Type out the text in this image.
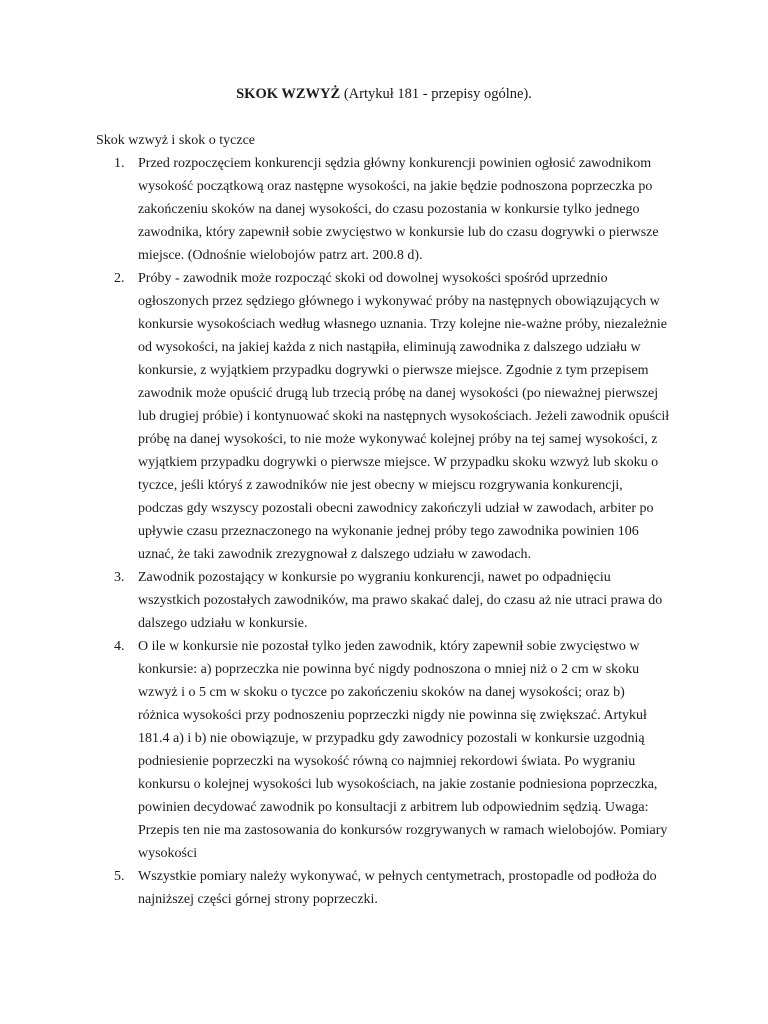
SKOK WZWYŻ (Artykuł 181 - przepisy ogólne).
Skok wzwyż i skok o tyczce
1. Przed rozpoczęciem konkurencji sędzia główny konkurencji powinien ogłosić zawodnikom
wysokość początkową oraz następne wysokości, na jakie będzie podnoszona poprzeczka po
zakończeniu skoków na danej wysokości, do czasu pozostania w konkursie tylko jednego
zawodnika, który zapewnił sobie zwycięstwo w konkursie lub do czasu dogrywki o pierwsze
miejsce. (Odnośnie wielobojów patrz art. 200.8 d).
2. Próby - zawodnik może rozpocząć skoki od dowolnej wysokości spośród uprzednio
ogłoszonych przez sędziego głównego i wykonywać próby na następnych obowiązujących w
konkursie wysokościach według własnego uznania. Trzy kolejne nie-ważne próby, niezależnie
od wysokości, na jakiej każda z nich nastąpiła, eliminują zawodnika z dalszego udziału w
konkursie, z wyjątkiem przypadku dogrywki o pierwsze miejsce. Zgodnie z tym przepisem
zawodnik może opuścić drugą lub trzecią próbę na danej wysokości (po nieważnej pierwszej
lub drugiej próbie) i kontynuować skoki na następnych wysokościach. Jeżeli zawodnik opuścił
próbę na danej wysokości, to nie może wykonywać kolejnej próby na tej samej wysokości, z
wyjątkiem przypadku dogrywki o pierwsze miejsce. W przypadku skoku wzwyż lub skoku o
tyczce, jeśli któryś z zawodników nie jest obecny w miejscu rozgrywania konkurencji,
podczas gdy wszyscy pozostali obecni zawodnicy zakończyli udział w zawodach, arbiter po
upływie czasu przeznaczonego na wykonanie jednej próby tego zawodnika powinien 106
uznać, że taki zawodnik zrezygnował z dalszego udziału w zawodach.
3. Zawodnik pozostający w konkursie po wygraniu konkurencji, nawet po odpadnięciu
wszystkich pozostałych zawodników, ma prawo skakać dalej, do czasu aż nie utraci prawa do
dalszego udziału w konkursie.
4. O ile w konkursie nie pozostał tylko jeden zawodnik, który zapewnił sobie zwycięstwo w
konkursie: a) poprzeczka nie powinna być nigdy podnoszona o mniej niż o 2 cm w skoku
wzwyż i o 5 cm w skoku o tyczce po zakończeniu skoków na danej wysokości; oraz b)
różnica wysokości przy podnoszeniu poprzeczki nigdy nie powinna się zwiększać. Artykuł
181.4 a) i b) nie obowiązuje, w przypadku gdy zawodnicy pozostali w konkursie uzgodnią
podniesienie poprzeczki na wysokość równą co najmniej rekordowi świata. Po wygraniu
konkursu o kolejnej wysokości lub wysokościach, na jakie zostanie podniesiona poprzeczka,
powinien decydować zawodnik po konsultacji z arbitrem lub odpowiednim sędzią. Uwaga:
Przepis ten nie ma zastosowania do konkursów rozgrywanych w ramach wielobojów. Pomiary
wysokości
5. Wszystkie pomiary należy wykonywać, w pełnych centymetrach, prostopadle od podłoża do
najniższej części górnej strony poprzeczki.
